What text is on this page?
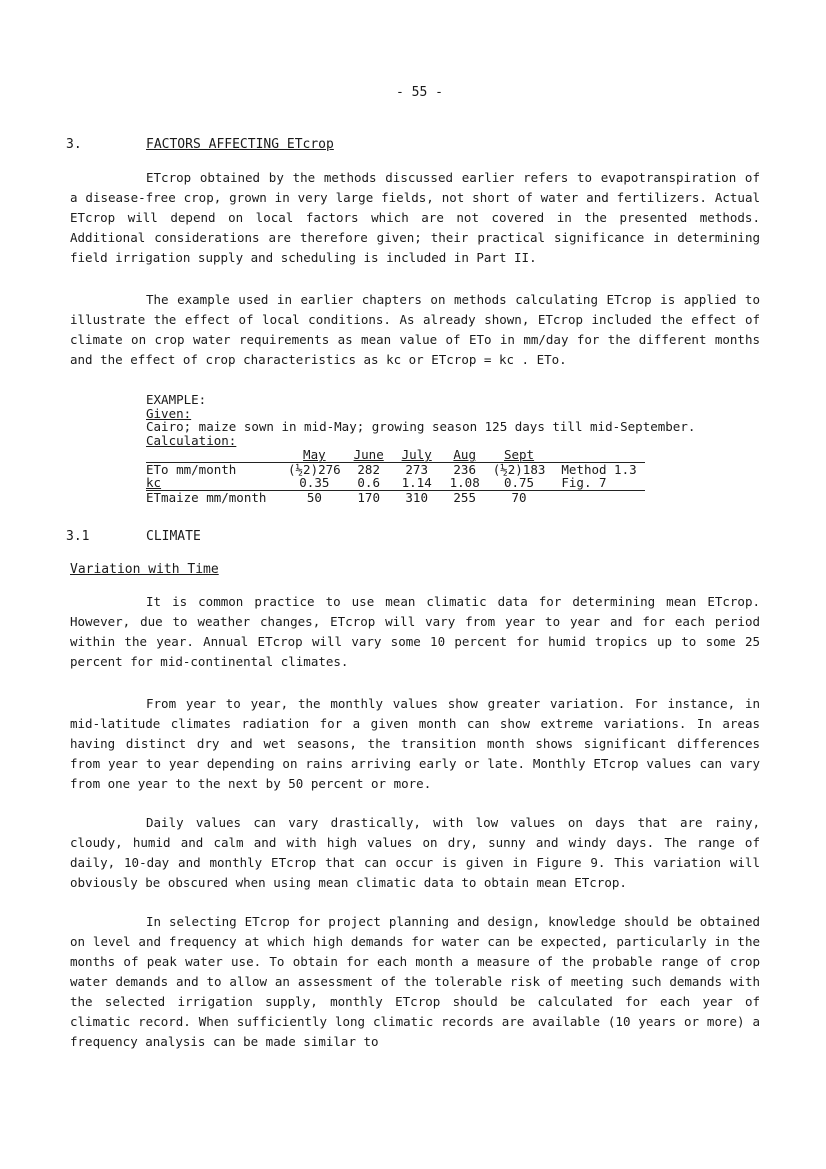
- 55 -
3.	FACTORS AFFECTING ETcrop

ETcrop obtained by the methods discussed earlier refers to evapotranspiration of a disease-free crop, grown in very large fields, not short of water and fertilizers. Actual ETcrop will depend on local factors which are not covered in the presented methods. Additional considerations are therefore given; their practical significance in determining field irrigation supply and scheduling is included in Part II.

The example used in earlier chapters on methods calculating ETcrop is applied to illustrate the effect of local conditions. As already shown, ETcrop included the effect of climate on crop water requirements as mean value of ETo in mm/day for the different months and the effect of crop characteristics as kc or ETcrop = kc . ETo.

EXAMPLE:
Given:
Cairo; maize sown in mid-May; growing season 125 days till mid-September.
Calculation:
	May	June	July	Aug	Sept	
ETo mm/month	(½2)276	282	273	236	(½2)183	Method 1.3
kc	0.35	0.6	1.14	1.08	0.75	Fig. 7
ETmaize mm/month	50	170	310	255	70	
3.1	CLIMATE
Variation with Time

It is common practice to use mean climatic data for determining mean ETcrop. However, due to weather changes, ETcrop will vary from year to year and for each period within the year. Annual ETcrop will vary some 10 percent for humid tropics up to some 25 percent for mid-continental climates.

From year to year, the monthly values show greater variation. For instance, in mid-latitude climates radiation for a given month can show extreme variations. In areas having distinct dry and wet seasons, the transition month shows significant differences from year to year depending on rains arriving early or late. Monthly ETcrop values can vary from one year to the next by 50 percent or more.

Daily values can vary drastically, with low values on days that are rainy, cloudy, humid and calm and with high values on dry, sunny and windy days. The range of daily, 10-day and monthly ETcrop that can occur is given in Figure 9. This variation will obviously be obscured when using mean climatic data to obtain mean ETcrop.

In selecting ETcrop for project planning and design, knowledge should be obtained on level and frequency at which high demands for water can be expected, particularly in the months of peak water use. To obtain for each month a measure of the probable range of crop water demands and to allow an assessment of the tolerable risk of meeting such demands with the selected irrigation supply, monthly ETcrop should be calculated for each year of climatic record. When sufficiently long climatic records are available (10 years or more) a frequency analysis can be made similar to
